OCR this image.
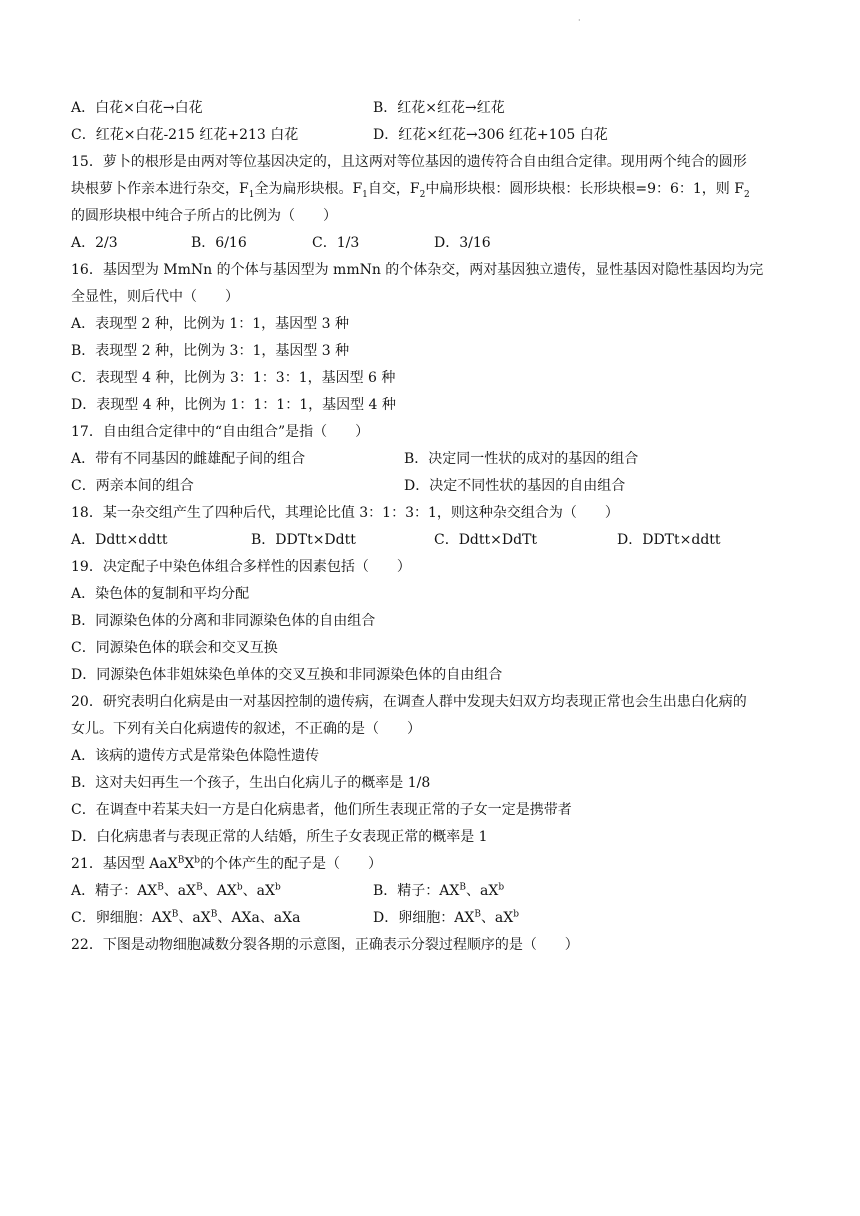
·
A．白花×白花→白花	B．红花×红花→红花
C．红花×白花-215 红花+213 白花	D．红花×红花→306 红花+105 白花
15．萝卜的根形是由两对等位基因决定的，且这两对等位基因的遗传符合自由组合定律。现用两个纯合的圆形
块根萝卜作亲本进行杂交，$F_1$全为扁形块根。$F_1$自交，$F_2$中扁形块根：圆形块根：长形块根=9：6：1，则 $F_2$
的圆形块根中纯合子所占的比例为（　　）
A．2/3	B．6/16	C．1/3	D．3/16
16．基因型为 MmNn 的个体与基因型为 mmNn 的个体杂交，两对基因独立遗传，显性基因对隐性基因均为完
全显性，则后代中（　　）
A．表现型 2 种，比例为 1：1，基因型 3 种
B．表现型 2 种，比例为 3：1，基因型 3 种
C．表现型 4 种，比例为 3：1：3：1，基因型 6 种
D．表现型 4 种，比例为 1：1：1：1，基因型 4 种
17．自由组合定律中的“自由组合”是指（　　）
A．带有不同基因的雌雄配子间的组合	B．决定同一性状的成对的基因的组合
C．两亲本间的组合	D．决定不同性状的基因的自由组合
18．某一杂交组产生了四种后代，其理论比值 3：1：3：1，则这种杂交组合为（　　）
A．Ddtt×ddtt	B．DDTt×Ddtt	C．Ddtt×DdTt	D．DDTt×ddtt
19．决定配子中染色体组合多样性的因素包括（　　）
A．染色体的复制和平均分配
B．同源染色体的分离和非同源染色体的自由组合
C．同源染色体的联会和交叉互换
D．同源染色体非姐妹染色单体的交叉互换和非同源染色体的自由组合
20．研究表明白化病是由一对基因控制的遗传病，在调查人群中发现夫妇双方均表现正常也会生出患白化病的
女儿。下列有关白化病遗传的叙述，不正确的是（　　）
A．该病的遗传方式是常染色体隐性遗传
B．这对夫妇再生一个孩子，生出白化病儿子的概率是 1/8
C．在调查中若某夫妇一方是白化病患者，他们所生表现正常的子女一定是携带者
D．白化病患者与表现正常的人结婚，所生子女表现正常的概率是 1
21．基因型 $AaX^BX^b$的个体产生的配子是（　　）
A．精子：$AX^B$、$aX^B$、$AX^b$、$aX^b$	B．精子：$AX^B$、$aX^b$
C．卵细胞：$AX^B$、$aX^B$、AXa、aXa	D．卵细胞：$AX^B$、$aX^b$
22．下图是动物细胞减数分裂各期的示意图，正确表示分裂过程顺序的是（　　）
